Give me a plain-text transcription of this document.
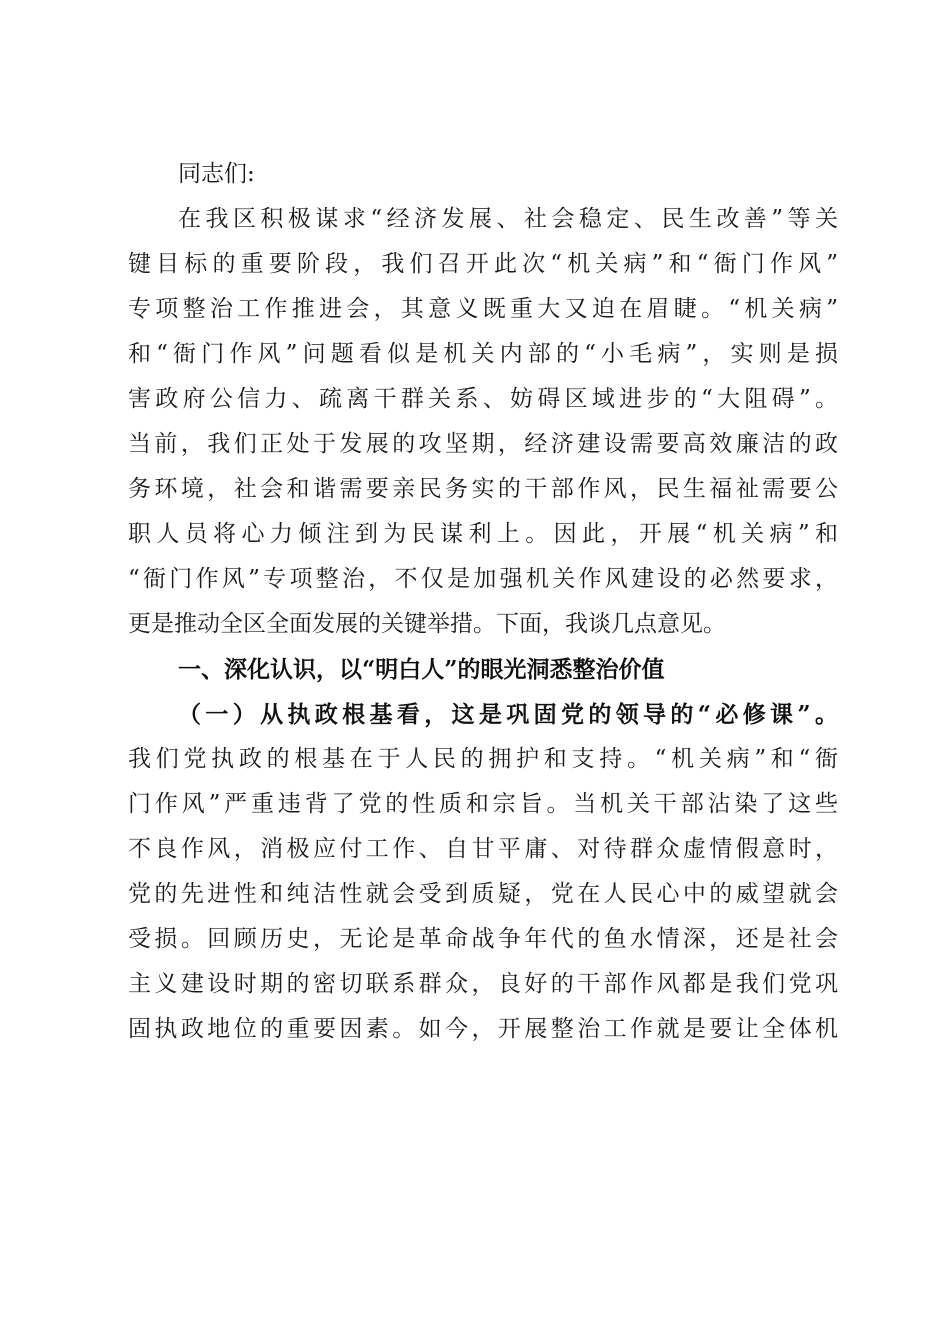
同志们:
在我区积极谋求“经济发展、社会稳定、民生改善”等关
键目标的重要阶段，我们召开此次“机关病”和“衙门作风”
专项整治工作推进会，其意义既重大又迫在眉睫。“机关病”
和“衙门作风”问题看似是机关内部的“小毛病”，实则是损
害政府公信力、疏离干群关系、妨碍区域进步的“大阻碍”。
当前，我们正处于发展的攻坚期，经济建设需要高效廉洁的政
务环境，社会和谐需要亲民务实的干部作风，民生福祉需要公
职人员将心力倾注到为民谋利上。因此，开展“机关病”和
“衙门作风”专项整治，不仅是加强机关作风建设的必然要求，
更是推动全区全面发展的关键举措。下面，我谈几点意见。
一、深化认识，以“明白人”的眼光洞悉整治价值
（一）从执政根基看，这是巩固党的领导的“必修课”。
我们党执政的根基在于人民的拥护和支持。“机关病”和“衙
门作风”严重违背了党的性质和宗旨。当机关干部沾染了这些
不良作风，消极应付工作、自甘平庸、对待群众虚情假意时，
党的先进性和纯洁性就会受到质疑，党在人民心中的威望就会
受损。回顾历史，无论是革命战争年代的鱼水情深，还是社会
主义建设时期的密切联系群众，良好的干部作风都是我们党巩
固执政地位的重要因素。如今，开展整治工作就是要让全体机
